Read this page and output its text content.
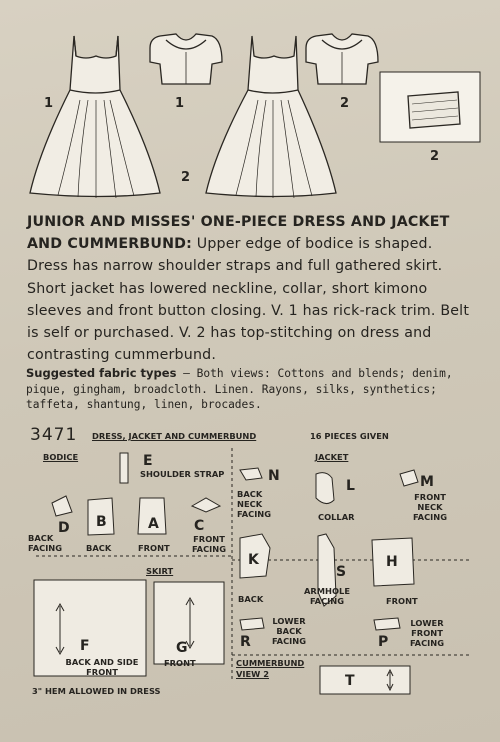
1	1
2
2
2
JUNIOR AND MISSES' ONE-PIECE DRESS AND JACKET AND CUMMERBUND: Upper edge of bodice is shaped. Dress has narrow shoulder straps and full gathered skirt. Short jacket has lowered neckline, collar, short kimono sleeves and front button closing. V. 1 has rick-rack trim. Belt is self or purchased. V. 2 has top-stitching on dress and contrasting cummerbund.
Suggested fabric types — Both views: Cottons and blends; denim, pique, gingham, broadcloth. Linen. Rayons, silks, synthetics; taffeta, shantung, linen, brocades.
3471 DRESS, JACKET AND CUMMERBUND	16 PIECES GIVEN
BODICE
SKIRT
JACKET
CUMMERBUND
VIEW 2
E
SHOULDER STRAP
D
BACK FACING
B
BACK
A
FRONT
C
FRONT FACING
N
BACK NECK FACING
L
COLLAR
M
FRONT NECK FACING
K
BACK
S
ARMHOLE FACING
H
FRONT
F
BACK AND SIDE FRONT
G
FRONT
R
LOWER BACK FACING	P
LOWER FRONT FACING
T
3" HEM ALLOWED IN DRESS
